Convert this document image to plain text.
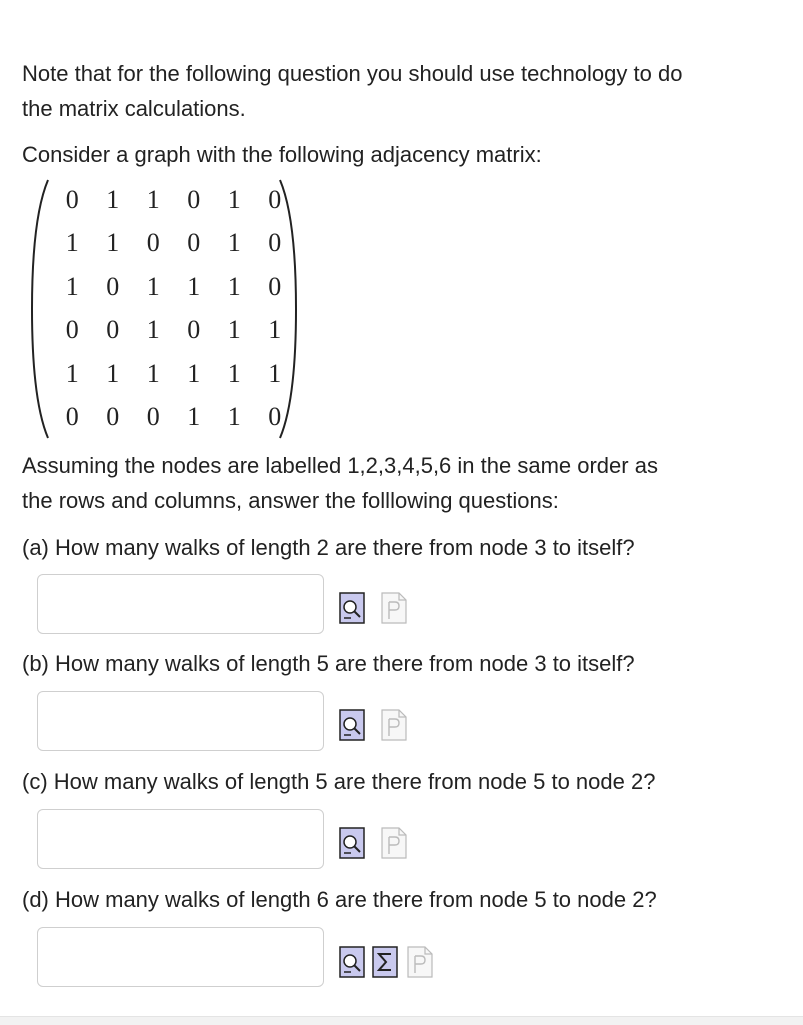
Note that for the following question you should use technology to do

the matrix calculations.

Consider a graph with the following adjacency matrix:

0	1	1	0	1	0
1	1	0	0	1	0
1	0	1	1	1	0
0	0	1	0	1	1
1	1	1	1	1	1
0	0	0	1	1	0

Assuming the nodes are labelled 1,2,3,4,5,6 in the same order as

the rows and columns, answer the folllowing questions:

(a) How many walks of length 2 are there from node 3 to itself?

(b) How many walks of length 5 are there from node 3 to itself?

(c) How many walks of length 5 are there from node 5 to node 2?

(d) How many walks of length 6 are there from node 5 to node 2?
